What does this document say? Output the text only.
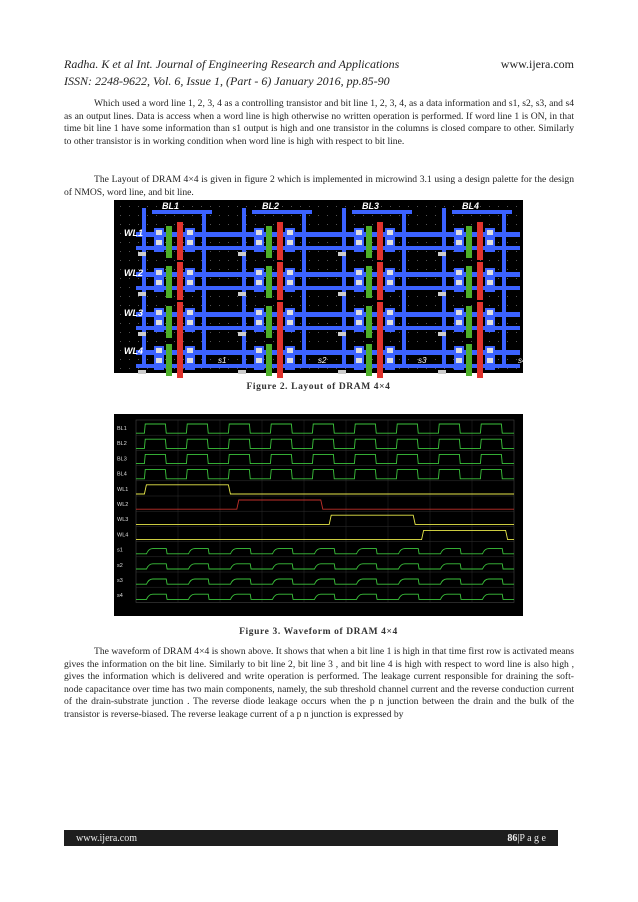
Radha. K et al Int. Journal of Engineering Research and Applications
ISSN: 2248-9622, Vol. 6, Issue 1, (Part - 6) January 2016, pp.85-90
www.ijera.com

Which used a word line 1, 2, 3, 4 as a controlling transistor and bit line 1, 2, 3, 4, as a data information and s1, s2, s3, and s4 as an output lines. Data is access when a word line is high otherwise no written operation is performed. If word line 1 is ON, in that time bit line 1 have some information than s1 output is high and one transistor in the columns is closed compare to other. Similarly to other transistor is in working condition when word line is high with respect to bit line.

The Layout of DRAM 4×4 is given in figure 2 which is implemented in microwind 3.1 using a design palette for the design of NMOS, word line, and bit line.

BL1	BL2	BL3	BL4
WL1
WL2
WL3
WL4
s1	s2	s3	s4
Figure 2. Layout of DRAM 4×4
BL1
BL2
BL3
BL4
WL1
WL2
WL3
WL4
s1
s2
s3
s4
Figure 3. Waveform of DRAM 4×4

The waveform of DRAM 4×4 is shown above. It shows that when a bit line 1 is high in that time first row is activated means gives the information on the bit line. Similarly to bit line 2, bit line 3 , and bit line 4 is high with respect to word line is also high , gives the information which is delivered and write operation is performed. The leakage current responsible for draining the soft-node capacitance over time has two main components, namely, the sub threshold channel current and the reverse conduction current of the drain-substrate junction . The reverse diode leakage occurs when the p n junction between the drain and the bulk of the transistor is reverse-biased. The reverse leakage current of a p n junction is expressed by

www.ijera.com	86|P a g e
